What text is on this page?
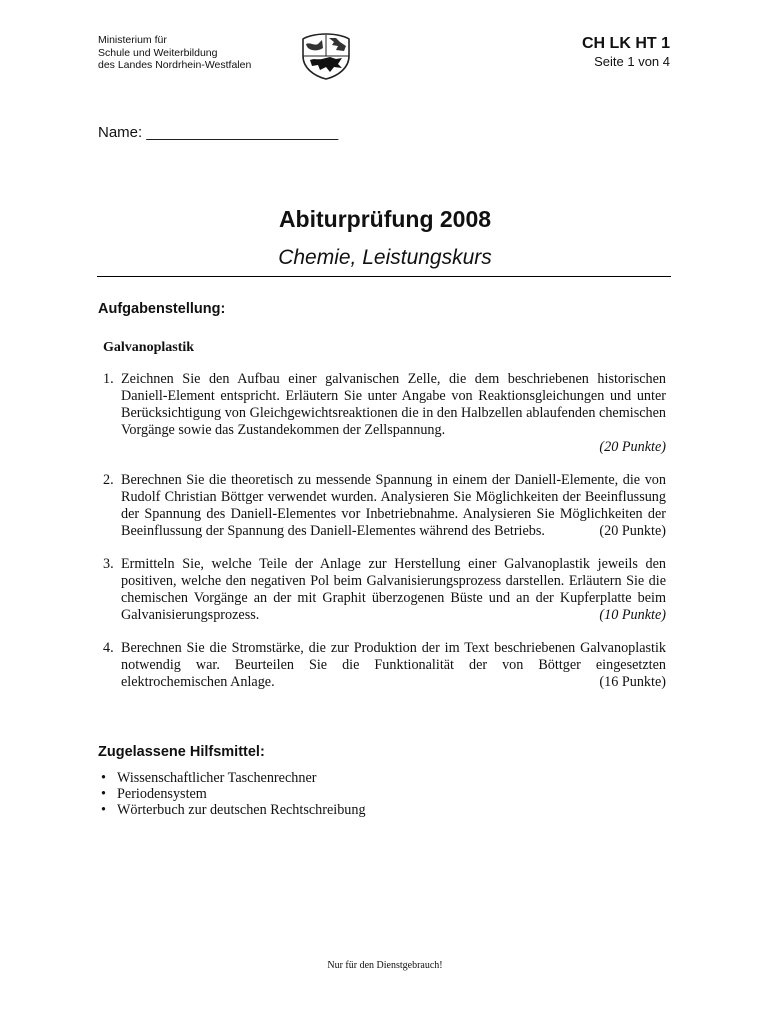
Ministerium für
Schule und Weiterbildung
des Landes Nordrhein-Westfalen
CH LK HT 1
Seite 1 von 4
Name: _______________________
Abiturprüfung 2008
Chemie, Leistungskurs
Aufgabenstellung:
Galvanoplastik
1. Zeichnen Sie den Aufbau einer galvanischen Zelle, die dem beschriebenen historischen Daniell-Element entspricht. Erläutern Sie unter Angabe von Reaktionsgleichungen und unter Berücksichtigung von Gleichgewichtsreaktionen die in den Halbzellen ablaufenden chemischen Vorgänge sowie das Zustandekommen der Zellspannung.
(20 Punkte)
2. Berechnen Sie die theoretisch zu messende Spannung in einem der Daniell-Elemente, die von Rudolf Christian Böttger verwendet wurden. Analysieren Sie Möglichkeiten der Beeinflussung der Spannung des Daniell-Elementes vor Inbetriebnahme. Analysieren Sie Möglichkeiten der Beeinflussung der Spannung des Daniell-Elementes während des Betriebs.	(20 Punkte)
3. Ermitteln Sie, welche Teile der Anlage zur Herstellung einer Galvanoplastik jeweils den positiven, welche den negativen Pol beim Galvanisierungsprozess darstellen. Erläutern Sie die chemischen Vorgänge an der mit Graphit überzogenen Büste und an der Kupferplatte beim Galvanisierungsprozess.	(10 Punkte)
4. Berechnen Sie die Stromstärke, die zur Produktion der im Text beschriebenen Galvanoplastik notwendig war. Beurteilen Sie die Funktionalität der von Böttger eingesetzten elektrochemischen Anlage.	(16 Punkte)
Zugelassene Hilfsmittel:
• Wissenschaftlicher Taschenrechner
• Periodensystem
• Wörterbuch zur deutschen Rechtschreibung
Nur für den Dienstgebrauch!
